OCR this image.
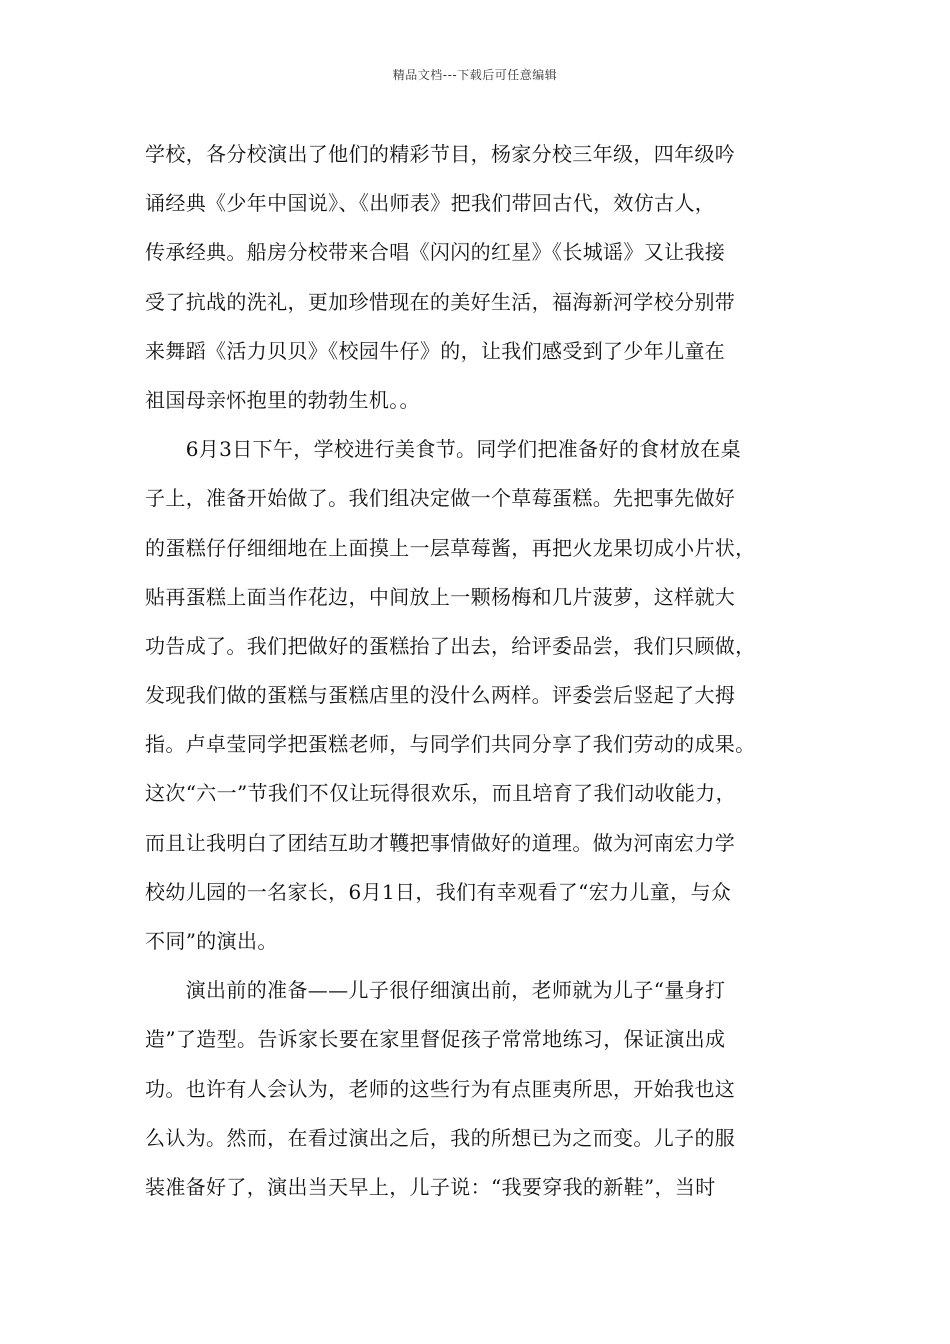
精品文档---下载后可任意编辑
学校，各分校演出了他们的精彩节目，杨家分校三年级，四年级吟
诵经典《少年中国说》、《出师表》把我们带回古代，效仿古人，
传承经典。船房分校带来合唱《闪闪的红星》《长城谣》又让我接
受了抗战的洗礼，更加珍惜现在的美好生活，福海新河学校分别带
来舞蹈《活力贝贝》《校园牛仔》的，让我们感受到了少年儿童在
祖国母亲怀抱里的勃勃生机。。
　　6月3日下午，学校进行美食节。同学们把准备好的食材放在桌
子上，准备开始做了。我们组决定做一个草莓蛋糕。先把事先做好
的蛋糕仔仔细细地在上面摸上一层草莓酱，再把火龙果切成小片状，
贴再蛋糕上面当作花边，中间放上一颗杨梅和几片菠萝，这样就大
功告成了。我们把做好的蛋糕抬了出去，给评委品尝，我们只顾做，
发现我们做的蛋糕与蛋糕店里的没什么两样。评委尝后竖起了大拇
指。卢卓莹同学把蛋糕老师，与同学们共同分享了我们劳动的成果。
这次“六一”节我们不仅让玩得很欢乐，而且培育了我们动收能力，
而且让我明白了团结互助才韄把事情做好的道理。做为河南宏力学
校幼儿园的一名家长，6月1日，我们有幸观看了“宏力儿童，与众
不同”的演出。
　　演出前的准备——儿子很仔细演出前，老师就为儿子“量身打
造”了造型。告诉家长要在家里督促孩子常常地练习，保证演出成
功。也许有人会认为，老师的这些行为有点匪夷所思，开始我也这
么认为。然而，在看过演出之后，我的所想已为之而变。儿子的服
装准备好了，演出当天早上，儿子说：“我要穿我的新鞋”，当时
